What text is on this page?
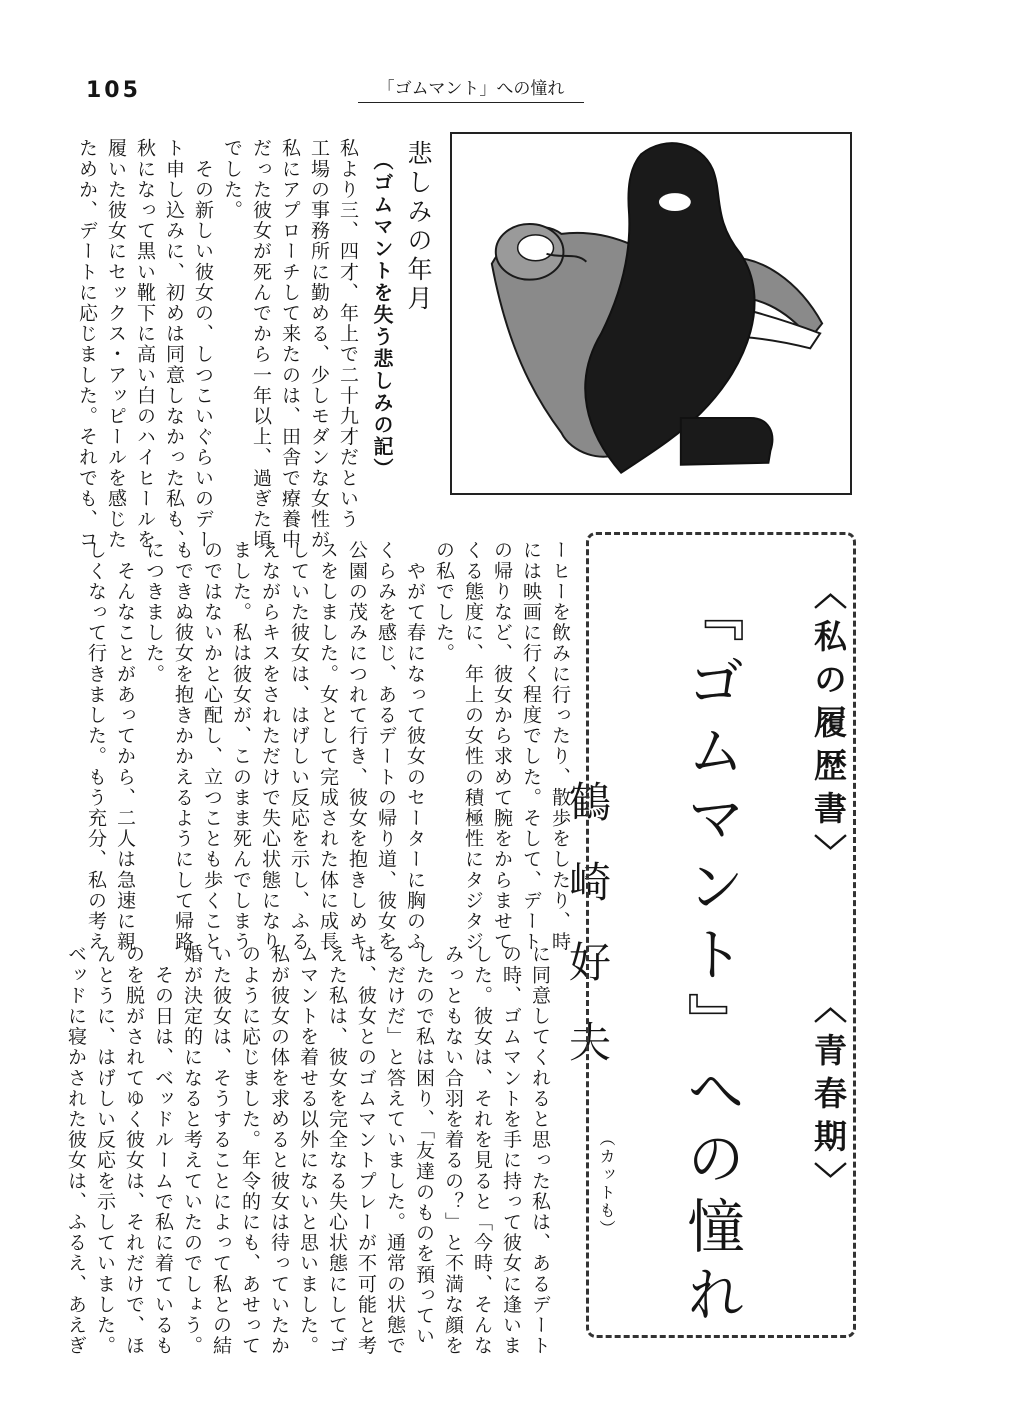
105	「ゴムマント」への憧れ
悲しみの年月
（ゴムマントを失う悲しみの記）
私より三、四才、年上で二十九才だという
工場の事務所に勤める、少しモダンな女性が
私にアプローチして来たのは、田舎で療養中
だった彼女が死んでから一年以上、過ぎた頃
でした。
　その新しい彼女の、しつこいぐらいのデー
ト申し込みに、初めは同意しなかった私も、
秋になって黒い靴下に高い白のハイヒールを
履いた彼女にセックス・アッピールを感じた
ためか、デートに応じました。それでも、コ
ーヒーを飲みに行ったり、散歩をしたり、時
には映画に行く程度でした。そして、デート
の帰りなど、彼女から求めて腕をからませて
くる態度に、年上の女性の積極性にタジタジ
の私でした。
　やがて春になって彼女のセーターに胸のふ
くらみを感じ、あるデートの帰り道、彼女を
公園の茂みにつれて行き、彼女を抱きしめキ
スをしました。女として完成された体に成長
していた彼女は、はげしい反応を示し、ふる
えながらキスをされただけで失心状態になり
ました。私は彼女が、このまま死んでしまう
のではないかと心配し、立つことも歩くこと
もできぬ彼女を抱きかかえるようにして帰路
につきました。
　そんなことがあってから、二人は急速に親
しくなって行きました。もう充分、私の考え
に同意してくれると思った私は、あるデート
の時、ゴムマントを手に持って彼女に逢いま
した。彼女は、それを見ると「今時、そんな
みっともない合羽を着るの？」と不満な顔を
したので私は困り、「友達のものを預ってい
るだけだ」と答えていました。通常の状態で
は、彼女とのゴムマントプレーが不可能と考
えた私は、彼女を完全なる失心状態にしてゴ
ムマントを着せる以外にないと思いました。
私が彼女の体を求めると彼女は待っていたか
のように応じました。年令的にも、あせって
いた彼女は、そうすることによって私との結
婚が決定的になると考えていたのでしょう。
　その日は、ベッドルームで私に着ているも
のを脱がされてゆく彼女は、それだけで、ほ
んとうに、はげしい反応を示していました。
ベッドに寝かされた彼女は、ふるえ、あえぎ
鶴崎好夫
（カットも）
〈私の履歴書〉
〈青春期〉
『ゴムマント』への憧れ
